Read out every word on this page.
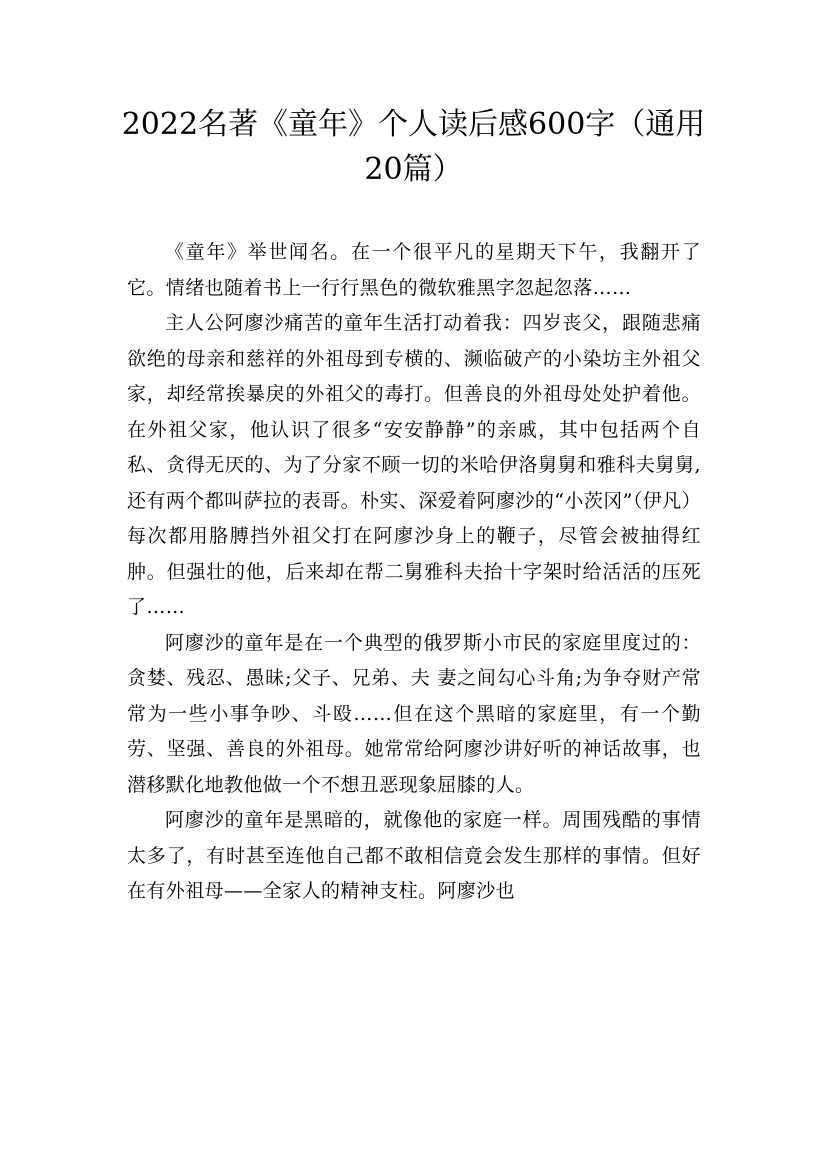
2022名著《童年》个人读后感600字（通用20篇）

《童年》举世闻名。在一个很平凡的星期天下午，我翻开了它。情绪也随着书上一行行黑色的微软雅黑字忽起忽落……

主人公阿廖沙痛苦的童年生活打动着我：四岁丧父，跟随悲痛欲绝的母亲和慈祥的外祖母到专横的、濒临破产的小染坊主外祖父家，却经常挨暴戾的外祖父的毒打。但善良的外祖母处处护着他。在外祖父家，他认识了很多“安安静静”的亲戚，其中包括两个自私、贪得无厌的、为了分家不顾一切的米哈伊洛舅舅和雅科夫舅舅,还有两个都叫萨拉的表哥。朴实、深爱着阿廖沙的“小茨冈”（伊凡）每次都用胳膊挡外祖父打在阿廖沙身上的鞭子，尽管会被抽得红肿。但强壮的他，后来却在帮二舅雅科夫抬十字架时给活活的压死了……

阿廖沙的童年是在一个典型的俄罗斯小市民的家庭里度过的：贪婪、残忍、愚昧;父子、兄弟、夫 妻之间勾心斗角;为争夺财产常常为一些小事争吵、斗殴……但在这个黑暗的家庭里，有一个勤劳、坚强、善良的外祖母。她常常给阿廖沙讲好听的神话故事，也潜移默化地教他做一个不想丑恶现象屈膝的人。

阿廖沙的童年是黑暗的，就像他的家庭一样。周围残酷的事情太多了，有时甚至连他自己都不敢相信竟会发生那样的事情。但好在有外祖母——全家人的精神支柱。阿廖沙也
